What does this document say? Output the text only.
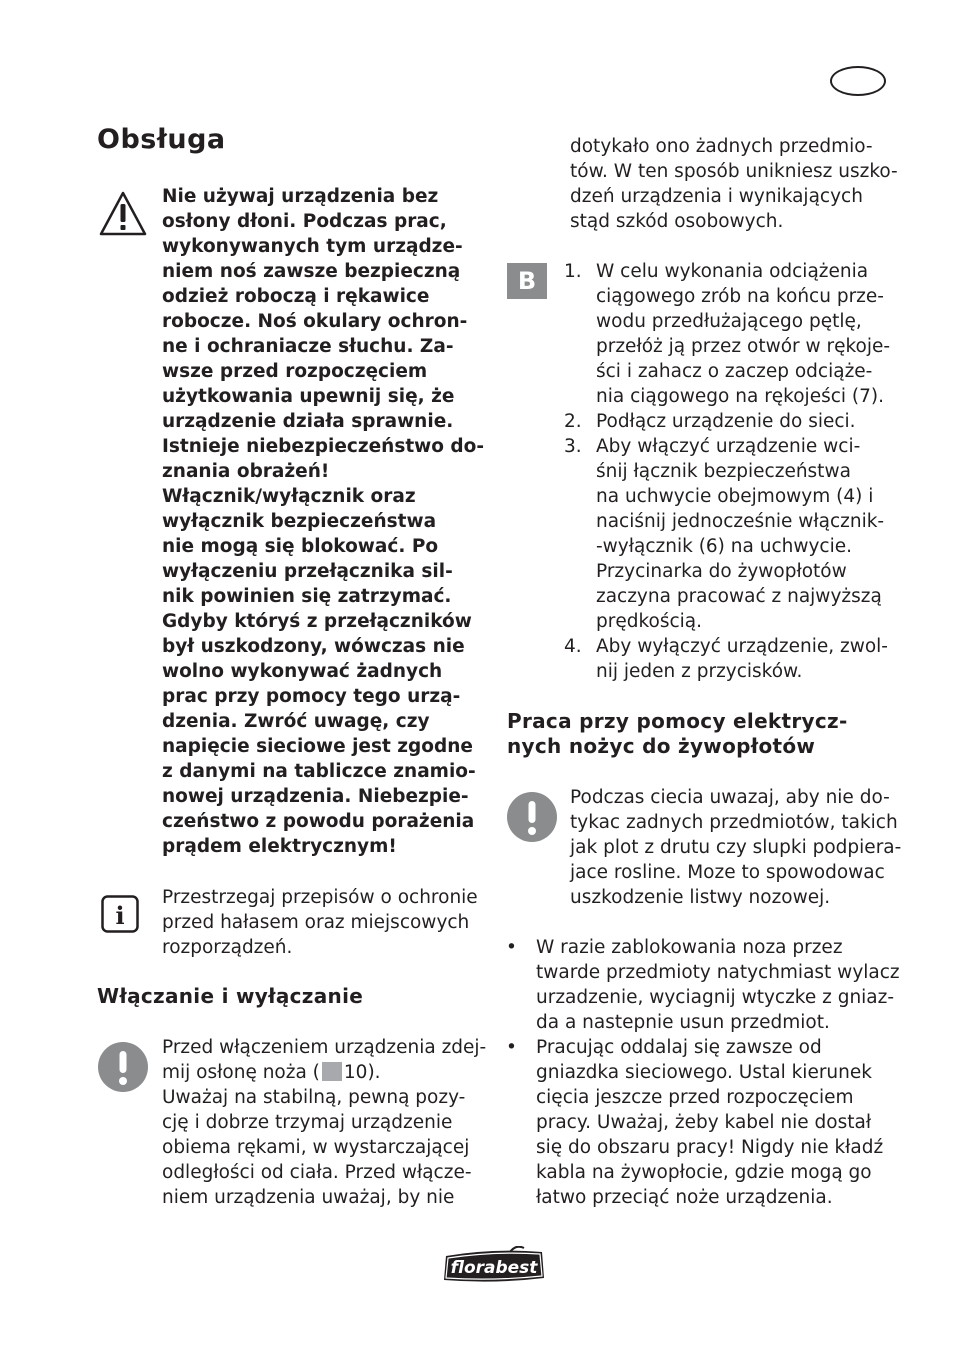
Obsługa

Nie używaj urządzenia bez
osłony dłoni. Podczas prac,
wykonywanych tym urządze-
niem noś zawsze bezpieczną
odzież roboczą i rękawice
robocze. Noś okulary ochron-
ne i ochraniacze słuchu. Za-
wsze przed rozpoczęciem
użytkowania upewnij się, że
urządzenie działa sprawnie.
Istnieje niebezpieczeństwo do-
znania obrażeń!
Włącznik/wyłącznik oraz
wyłącznik bezpieczeństwa
nie mogą się blokować. Po
wyłączeniu przełącznika sil-
nik powinien się zatrzymać.
Gdyby któryś z przełączników
był uszkodzony, wówczas nie
wolno wykonywać żadnych
prac przy pomocy tego urzą-
dzenia. Zwróć uwagę, czy
napięcie sieciowe jest zgodne
z danymi na tabliczce znamio-
nowej urządzenia. Niebezpie-
czeństwo z powodu porażenia
prądem elektrycznym!

i

Przestrzegaj przepisów o ochronie
przed hałasem oraz miejscowych
rozporządzeń.

Włączanie i wyłączanie
Przed włączeniem urządzenia zdej-
mij osłonę noża ( 10).
Uważaj na stabilną, pewną pozy-
cję i dobrze trzymaj urządzenie
obiema rękami, w wystarczającej
odległości od ciała. Przed włącze-
niem urządzenia uważaj, by nie

dotykało ono żadnych przedmio-
tów. W ten sposób unikniesz uszko-
dzeń urządzenia i wynikających
stąd szkód osobowych.

B	1. W celu wykonania odciążenia
ciągowego zrób na końcu prze-
wodu przedłużającego pętlę,
przełóż ją przez otwór w rękoje-
ści i zahacz o zaczep odciąże-
nia ciągowego na rękojeści (7).
2. Podłącz urządzenie do sieci.
3. Aby włączyć urządzenie wci-
śnij łącznik bezpieczeństwa
na uchwycie obejmowym (4) i
naciśnij jednocześnie włącznik-
-wyłącznik (6) na uchwycie.
Przycinarka do żywopłotów
zaczyna pracować z najwyższą
prędkością.
4. Aby wyłączyć urządzenie, zwol-
nij jeden z przycisków.
Praca przy pomocy elektrycz-
nych nożyc do żywopłotów

Podczas ciecia uwazaj, aby nie do-
tykac zadnych przedmiotów, takich
jak plot z drutu czy slupki podpiera-
jace rosline. Moze to spowodowac
uszkodzenie listwy nozowej.

• W razie zablokowania noza przez
twarde przedmioty natychmiast wylacz
urzadzenie, wyciagnij wtyczke z gniaz-
da a nastepnie usun przedmiot.
• Pracując oddalaj się zawsze od
gniazdka sieciowego. Ustal kierunek
cięcia jeszcze przed rozpoczęciem
pracy. Uważaj, żeby kabel nie dostał
się do obszaru pracy! Nigdy nie kładź
kabla na żywopłocie, gdzie mogą go
łatwo przeciąć noże urządzenia.
florabest
